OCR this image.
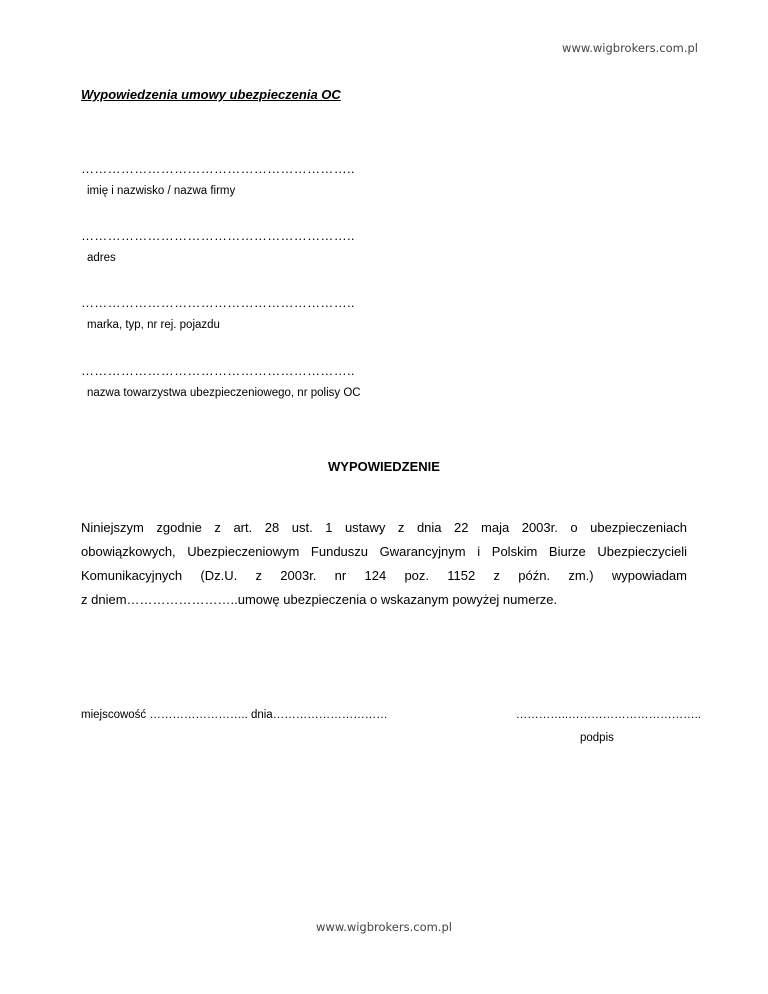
www.wigbrokers.com.pl
Wypowiedzenia umowy ubezpieczenia OC
……………………………………………………..
imię i nazwisko / nazwa firmy
……………………………………………………..
adres
……………………………………………………..
marka, typ, nr rej. pojazdu
……………………………………………………..
nazwa towarzystwa ubezpieczeniowego, nr polisy OC
WYPOWIEDZENIE
Niniejszym zgodnie z art. 28 ust. 1 ustawy z dnia 22 maja 2003r. o ubezpieczeniach
obowiązkowych, Ubezpieczeniowym Funduszu Gwarancyjnym i Polskim Biurze Ubezpieczycieli
Komunikacyjnych (Dz.U. z 2003r. nr 124 poz. 1152 z późn. zm.) wypowiadam
z dniem……………………..umowę ubezpieczenia o wskazanym powyżej numerze.
miejscowość …………………….. dnia…………………………	…………..……………………………..
podpis
www.wigbrokers.com.pl
